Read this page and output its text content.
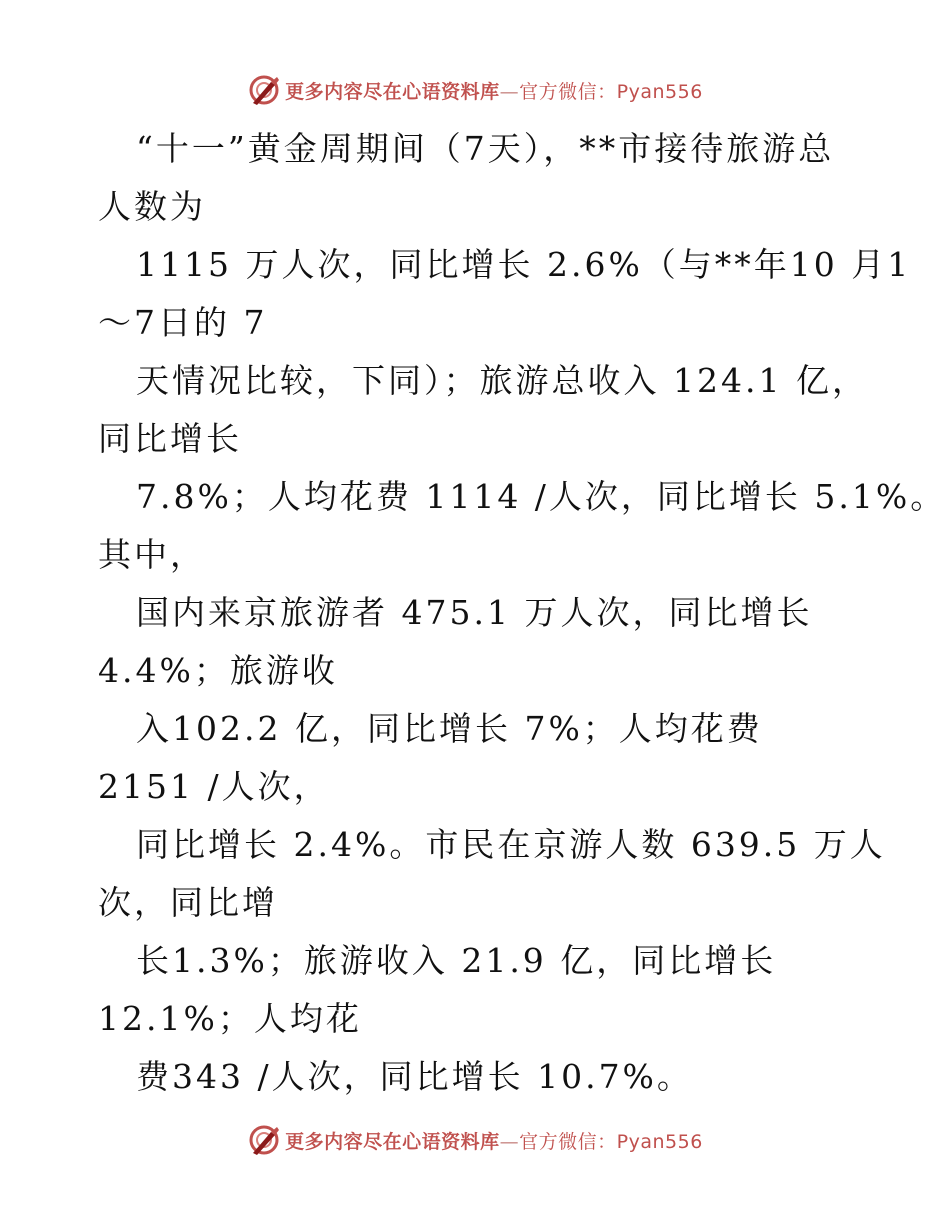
更多内容尽在心语资料库—官方微信：Pyan556
“十一”黄金周期间（7天），**市接待旅游总
人数为
1115 万人次，同比增长 2.6%（与**年10 月1
～7日的 7
天情况比较，下同）；旅游总收入 124.1 亿，
同比增长
7.8%；人均花费 1114 /人次，同比增长 5.1%。
其中，
国内来京旅游者 475.1 万人次，同比增长
4.4%；旅游收
入102.2 亿，同比增长 7%；人均花费
2151 /人次，
同比增长 2.4%。市民在京游人数 639.5 万人
次，同比增
长1.3%；旅游收入 21.9 亿，同比增长
12.1%；人均花
费343 /人次，同比增长 10.7%。
更多内容尽在心语资料库—官方微信：Pyan556
